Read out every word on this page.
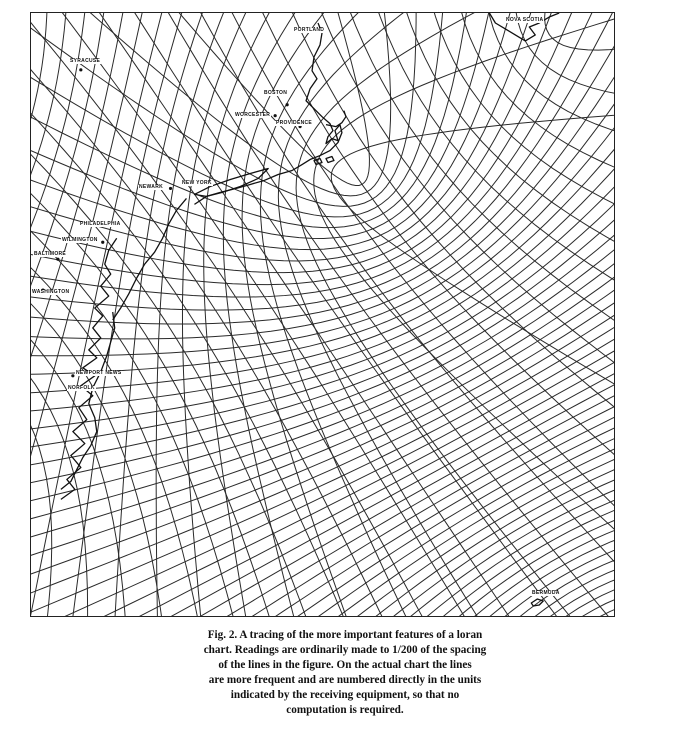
PORTLAND
NOVA SCOTIA
SYRACUSE
BOSTON
WORCESTER
PROVIDENCE
NEWARK
NEW YORK
PHILADELPHIA
WILMINGTON
BALTIMORE
WASHINGTON
NEWPORT NEWS
NORFOLK
BERMUDA
Fig. 2. A tracing of the more important features of a loran
chart. Readings are ordinarily made to 1/200 of the spacing
of the lines in the figure. On the actual chart the lines
are more frequent and are numbered directly in the units
indicated by the receiving equipment, so that no
computation is required.
